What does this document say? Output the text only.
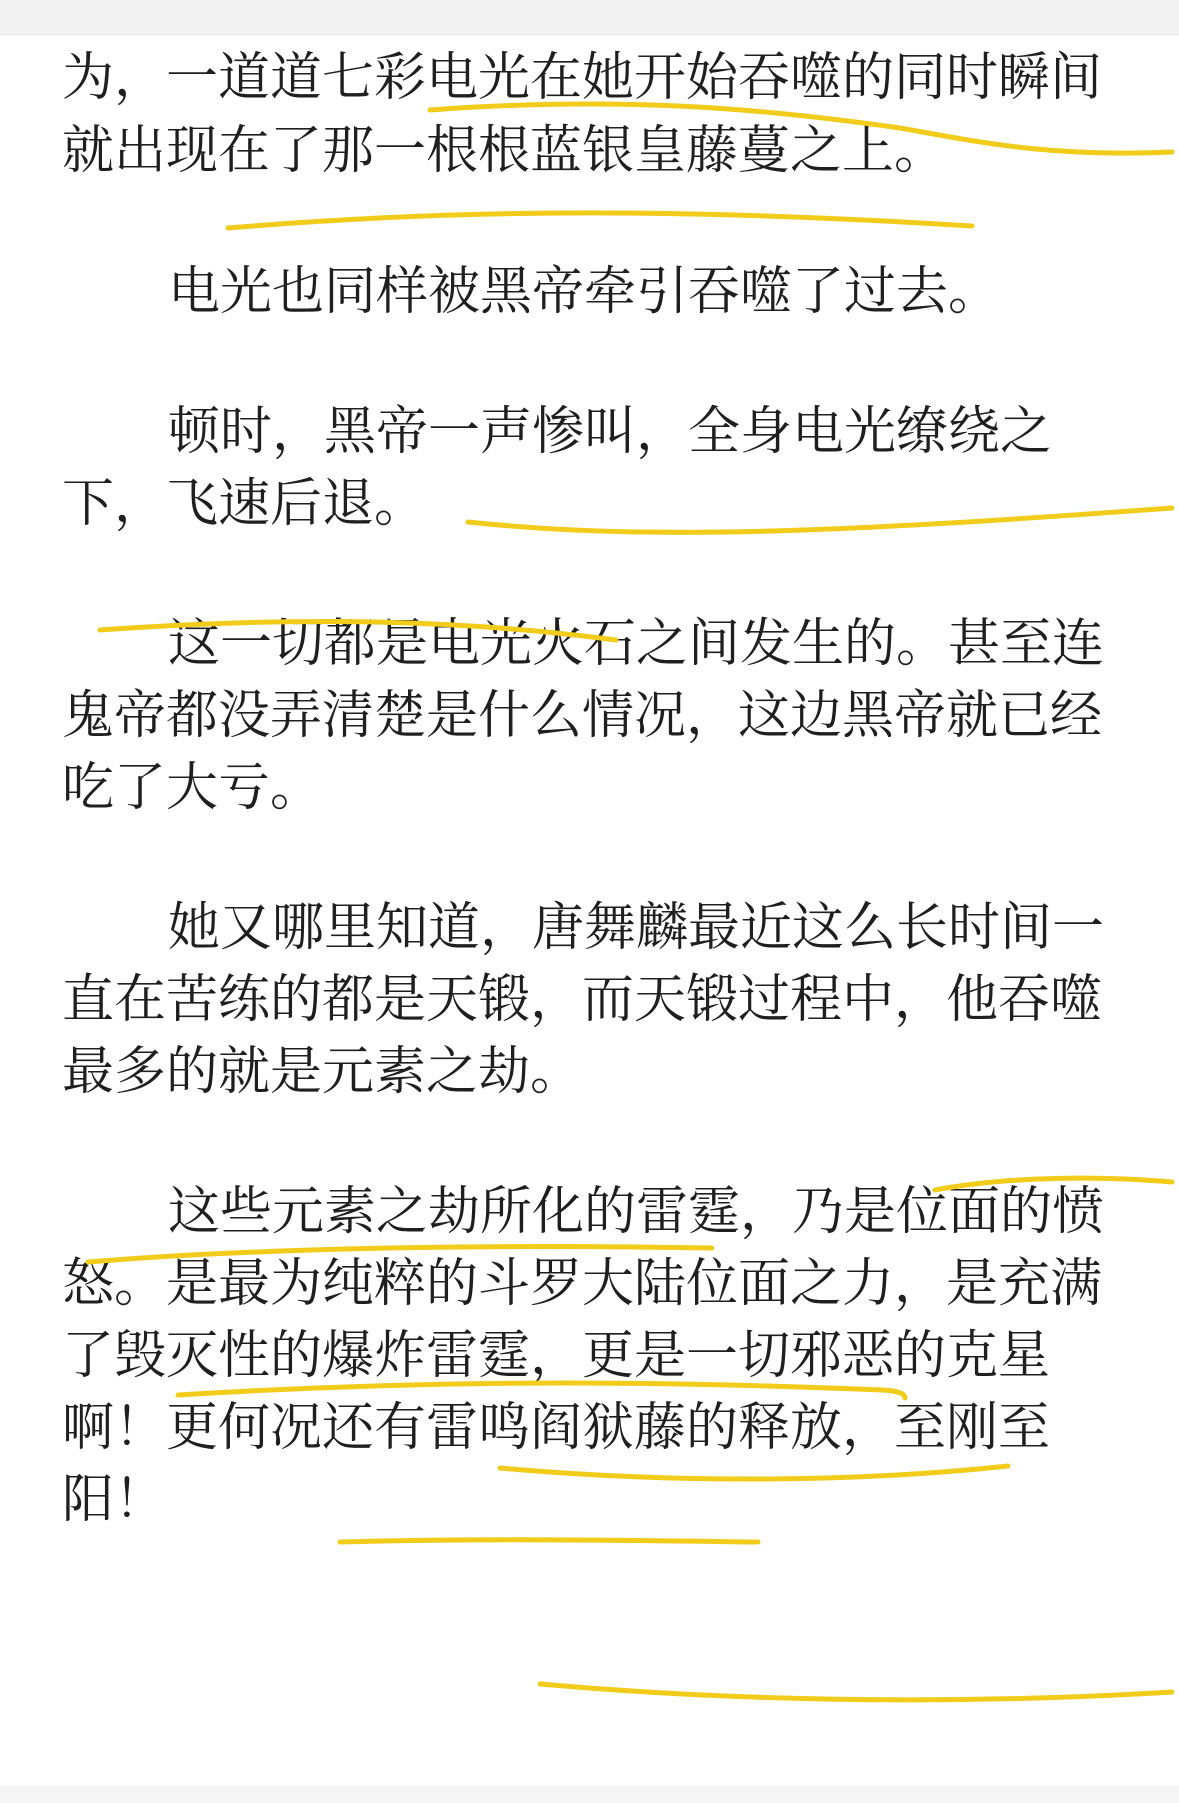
为，一道道七彩电光在她开始吞噬的同时瞬间
就出现在了那一根根蓝银皇藤蔓之上。
电光也同样被黑帝牵引吞噬了过去。
顿时，黑帝一声惨叫，全身电光缭绕之
下，飞速后退。
这一切都是电光火石之间发生的。甚至连
鬼帝都没弄清楚是什么情况，这边黑帝就已经
吃了大亏。
她又哪里知道，唐舞麟最近这么长时间一
直在苦练的都是天锻，而天锻过程中，他吞噬
最多的就是元素之劫。
这些元素之劫所化的雷霆，乃是位面的愤
怒。是最为纯粹的斗罗大陆位面之力，是充满
了毁灭性的爆炸雷霆，更是一切邪恶的克星
啊！更何况还有雷鸣阎狱藤的释放，至刚至
阳！
